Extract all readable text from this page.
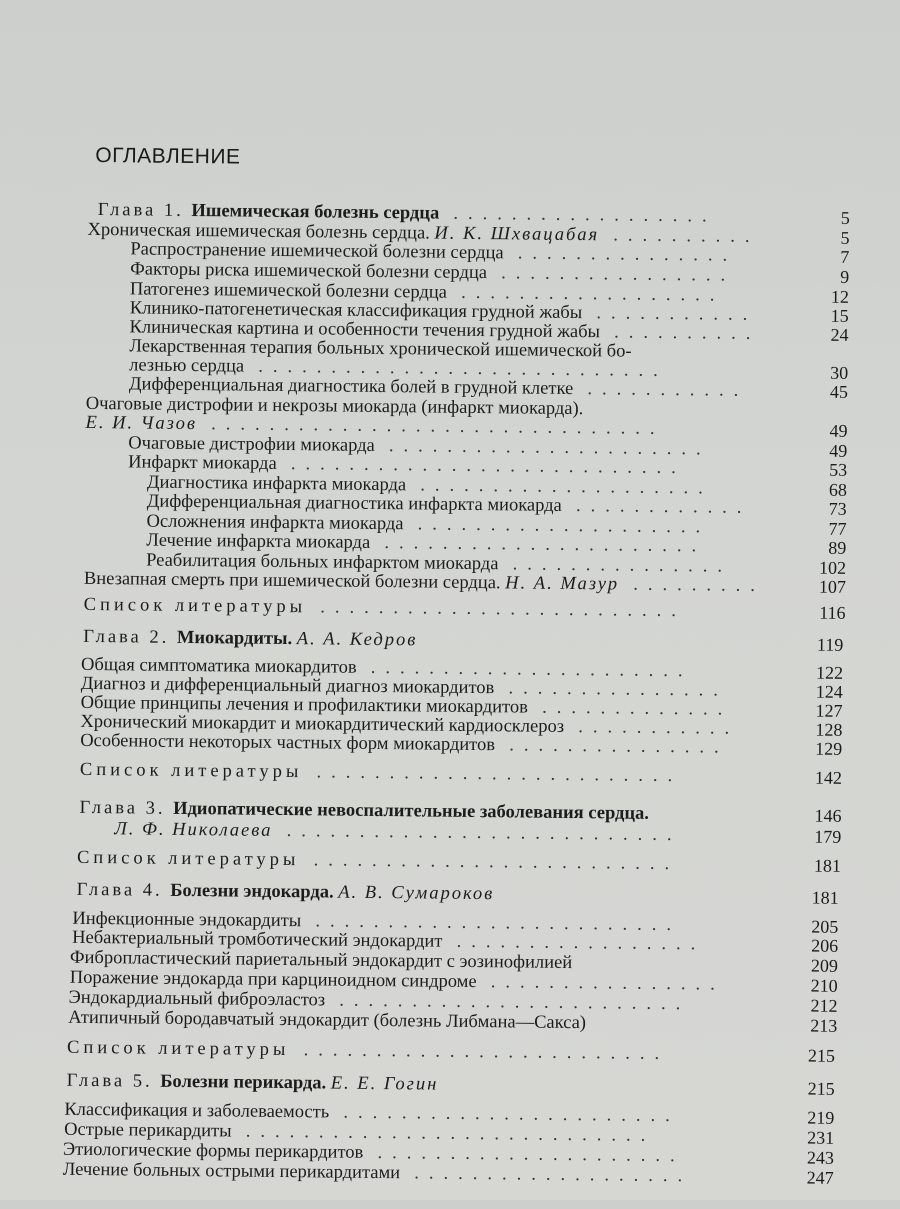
ОГЛАВЛЕНИЕ
Глава 1. Ишемическая болезнь сердца	5
..................
Хроническая ишемическая болезнь сердца. И. К. Шхвацабая	5
..........
Распространение ишемической болезни сердца	7
...............
Факторы риска ишемической болезни сердца	9
................
Патогенез ишемической болезни сердца	12
..................
Клинико-патогенетическая классификация грудной жабы	15
...........
Клиническая картина и особенности течения грудной жабы	24
..........
Лекарственная терапия больных хронической ишемической бо-
лезнью сердца	30
............................
Дифференциальная диагностика болей в грудной клетке	45
...........
Очаговые дистрофии и некрозы миокарда (инфаркт миокарда).
Е. И. Чазов	49
...............................
Очаговые дистрофии миокарда	49
......................
Инфаркт миокарда	53
...........................
Диагностика инфаркта миокарда	68
....................
Дифференциальная диагностика инфаркта миокарда	73
............
Осложнения инфаркта миокарда	77
....................
Лечение инфаркта миокарда	89
......................
Реабилитация больных инфарктом миокарда	102
...............
Внезапная смерть при ишемической болезни сердца. Н. А. Мазур	107
.........
Список литературы	116
.........................
Глава 2. Миокардиты. А. А. Кедров	119
Общая симптоматика миокардитов	122
......................
Диагноз и дифференциальный диагноз миокардитов	124
...............
Общие принципы лечения и профилактики миокардитов	127
.............
Хронический миокардит и миокардитический кардиосклероз	128
...........
Особенности некоторых частных форм миокардитов	129
...............
Список литературы	142
.........................
Глава 3. Идиопатические невоспалительные заболевания сердца.	146
Л. Ф. Николаева	179
...........................
Список литературы	181
.........................
Глава 4. Болезни эндокарда. А. В. Сумароков	181
Инфекционные эндокардиты	205
.........................
Небактериальный тромботический эндокардит	206
.................
Фибропластический париетальный эндокардит с эозинофилией	209
Поражение эндокарда при карциноидном синдроме	210
................
Эндокардиальный фиброэластоз	212
........................
Атипичный бородавчатый эндокардит (болезнь Либмана—Сакса)	213
Список литературы	215
.........................
Глава 5. Болезни перикарда. Е. Е. Гогин	215
Классификация и заболеваемость	219
.......................
Острые перикардиты	231
............................
Этиологические формы перикардитов	243
.....................
Лечение больных острыми перикардитами	247
...................
